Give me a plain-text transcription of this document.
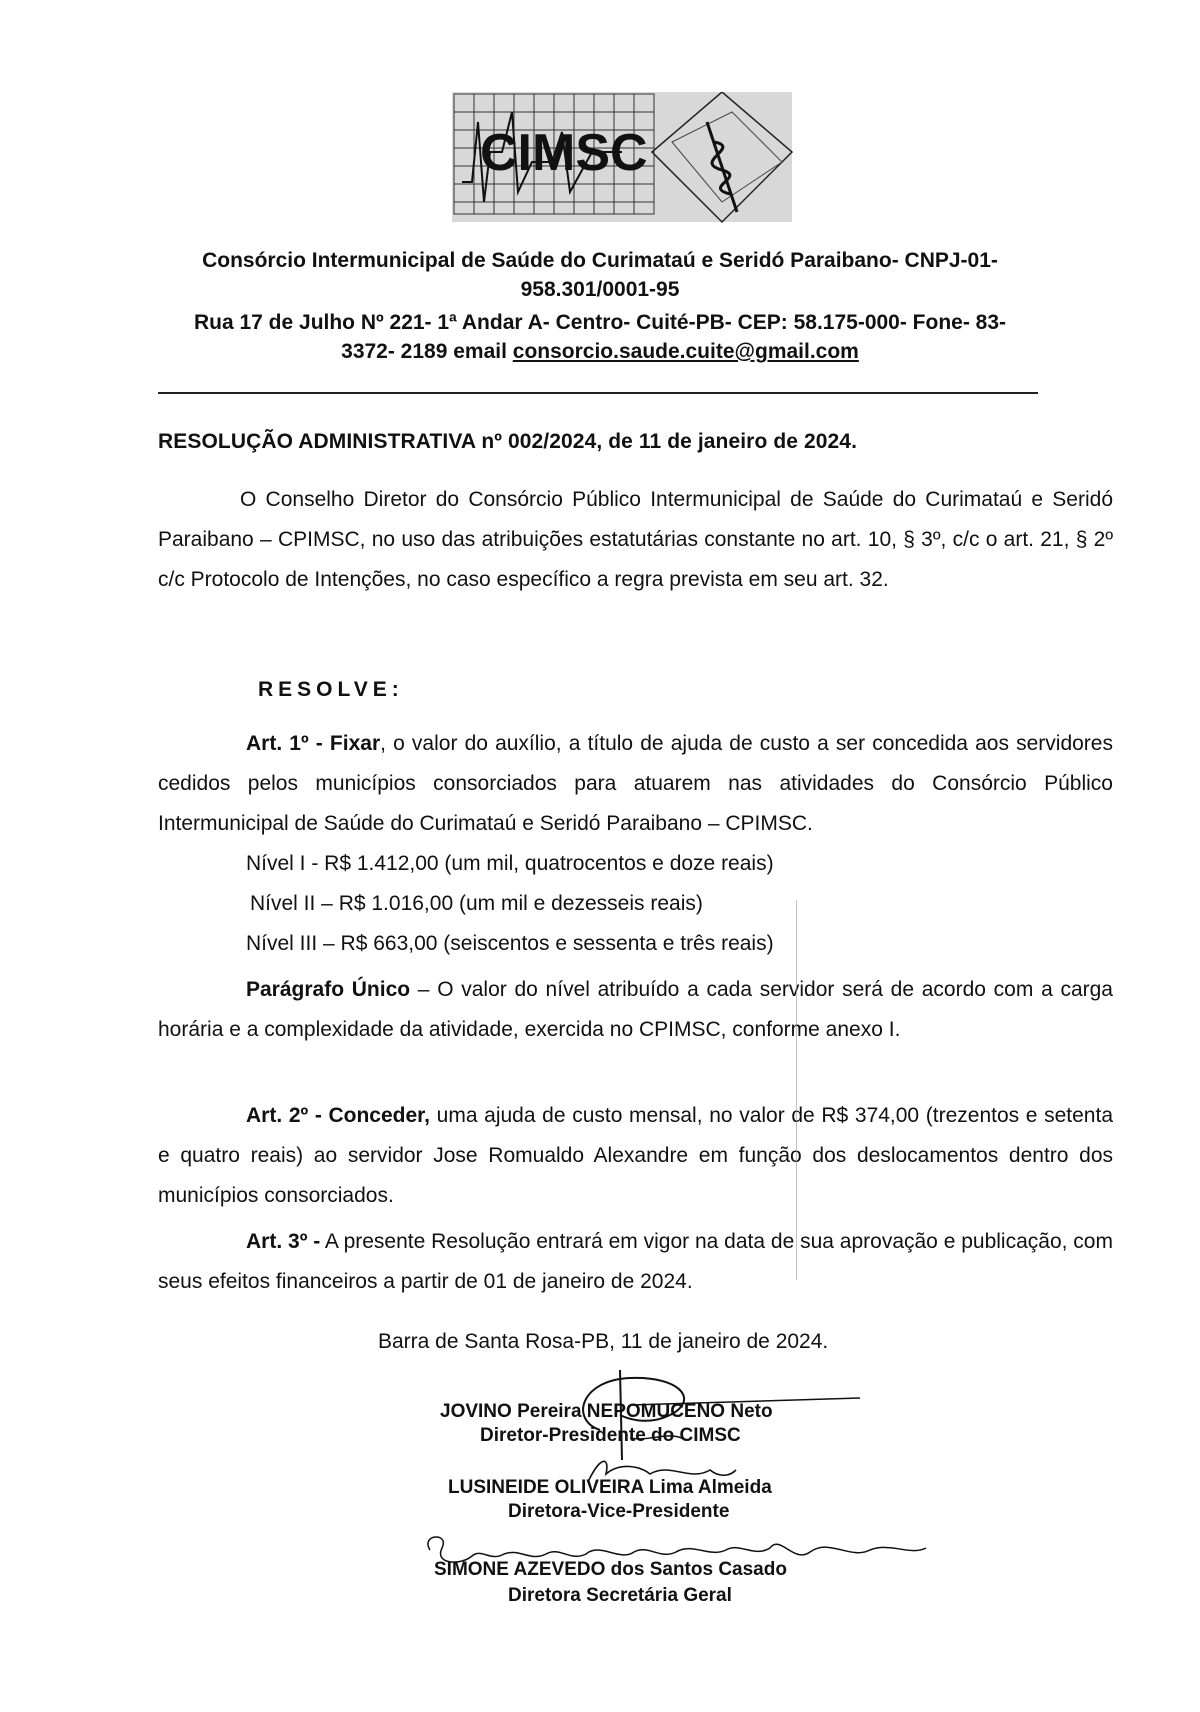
CIMSC
Consórcio Intermunicipal de Saúde do Curimataú e Seridó Paraibano- CNPJ-01-
958.301/0001-95
Rua 17 de Julho Nº 221- 1ª Andar A- Centro- Cuité-PB- CEP: 58.175-000- Fone- 83-
3372- 2189 email consorcio.saude.cuite@gmail.com
RESOLUÇÃO ADMINISTRATIVA nº 002/2024, de 11 de janeiro de 2024.
O Conselho Diretor do Consórcio Público Intermunicipal de Saúde do Curimataú e Seridó Paraibano – CPIMSC, no uso das atribuições estatutárias constante no art. 10, § 3º, c/c o art. 21, § 2º c/c Protocolo de Intenções, no caso específico a regra prevista em seu art. 32.
RESOLVE:
Art. 1º - Fixar, o valor do auxílio, a título de ajuda de custo a ser concedida aos servidores cedidos pelos municípios consorciados para atuarem nas atividades do Consórcio Público Intermunicipal de Saúde do Curimataú e Seridó Paraibano – CPIMSC.
Nível I - R$ 1.412,00 (um mil, quatrocentos e doze reais)
Nível II – R$ 1.016,00 (um mil e dezesseis reais)
Nível III – R$ 663,00 (seiscentos e sessenta e três reais)
Parágrafo Único – O valor do nível atribuído a cada servidor será de acordo com a carga horária e a complexidade da atividade, exercida no CPIMSC, conforme anexo I.
Art. 2º - Conceder, uma ajuda de custo mensal, no valor de R$ 374,00 (trezentos e setenta e quatro reais) ao servidor Jose Romualdo Alexandre em função dos deslocamentos dentro dos municípios consorciados.
Art. 3º - A presente Resolução entrará em vigor na data de sua aprovação e publicação, com seus efeitos financeiros a partir de 01 de janeiro de 2024.
Barra de Santa Rosa-PB, 11 de janeiro de 2024.
JOVINO Pereira NEPOMUCENO Neto
Diretor-Presidente do CIMSC
LUSINEIDE OLIVEIRA Lima Almeida
Diretora-Vice-Presidente
SIMONE AZEVEDO dos Santos Casado
Diretora Secretária Geral
